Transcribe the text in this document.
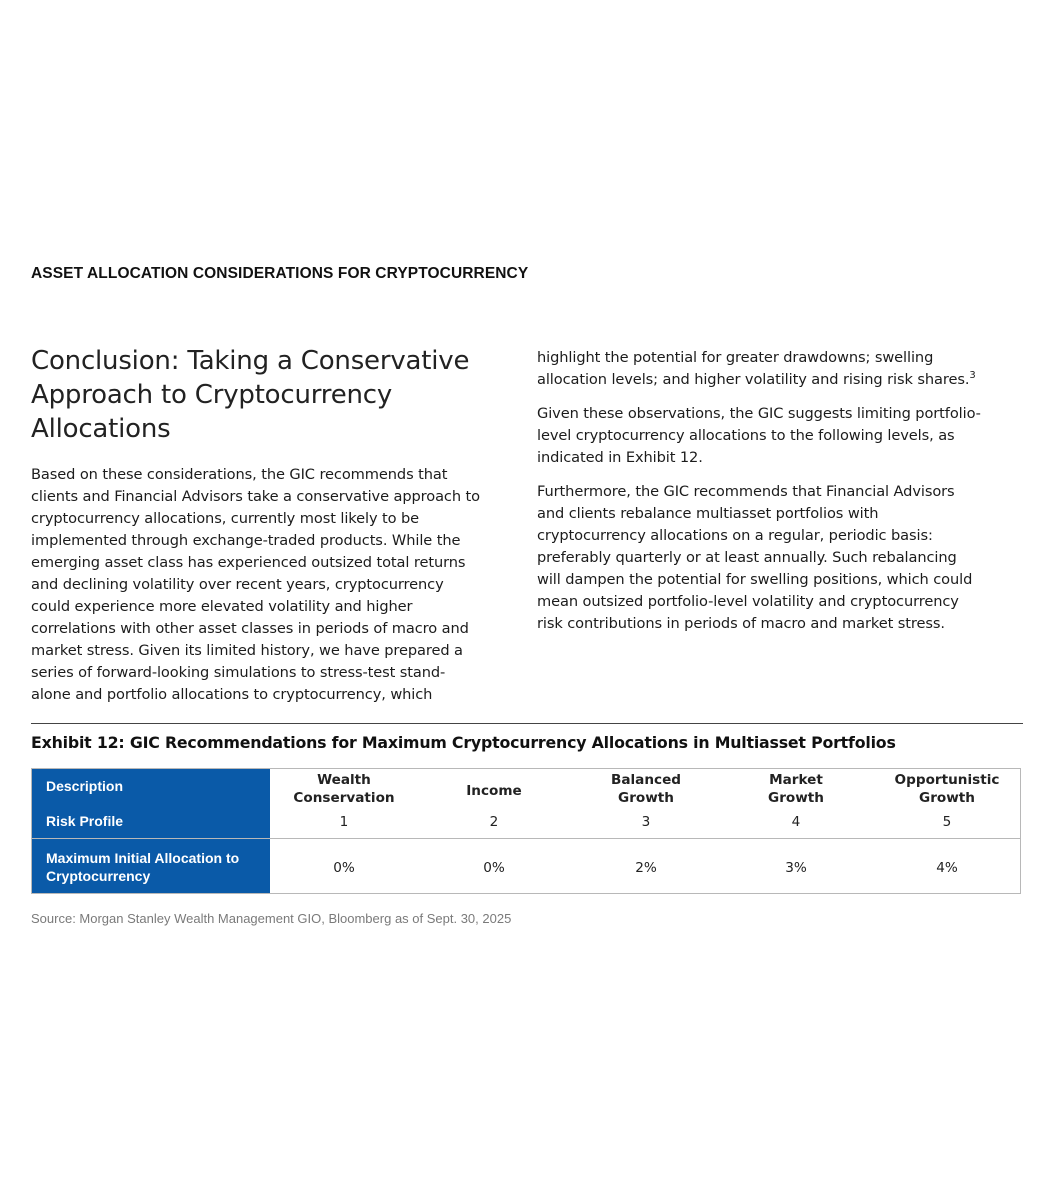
ASSET ALLOCATION CONSIDERATIONS FOR CRYPTOCURRENCY
Conclusion: Taking a Conservative
Approach to Cryptocurrency
Allocations
Based on these considerations, the GIC recommends that
clients and Financial Advisors take a conservative approach to
cryptocurrency allocations, currently most likely to be
implemented through exchange-traded products. While the
emerging asset class has experienced outsized total returns
and declining volatility over recent years, cryptocurrency
could experience more elevated volatility and higher
correlations with other asset classes in periods of macro and
market stress. Given its limited history, we have prepared a
series of forward-looking simulations to stress-test stand-
alone and portfolio allocations to cryptocurrency, which
highlight the potential for greater drawdowns; swelling
allocation levels; and higher volatility and rising risk shares.$^3$
Given these observations, the GIC suggests limiting portfolio-
level cryptocurrency allocations to the following levels, as
indicated in Exhibit 12.
Furthermore, the GIC recommends that Financial Advisors
and clients rebalance multiasset portfolios with
cryptocurrency allocations on a regular, periodic basis:
preferably quarterly or at least annually. Such rebalancing
will dampen the potential for swelling positions, which could
mean outsized portfolio-level volatility and cryptocurrency
risk contributions in periods of macro and market stress.
Exhibit 12: GIC Recommendations for Maximum Cryptocurrency Allocations in Multiasset Portfolios
Description
Risk Profile
Maximum Initial Allocation to
Cryptocurrency
Wealth
Conservation
1
0%
Income
2
0%
Balanced
Growth
3
2%
Market
Growth
4
3%
Opportunistic
Growth
5
4%
Source: Morgan Stanley Wealth Management GIO, Bloomberg as of Sept. 30, 2025
